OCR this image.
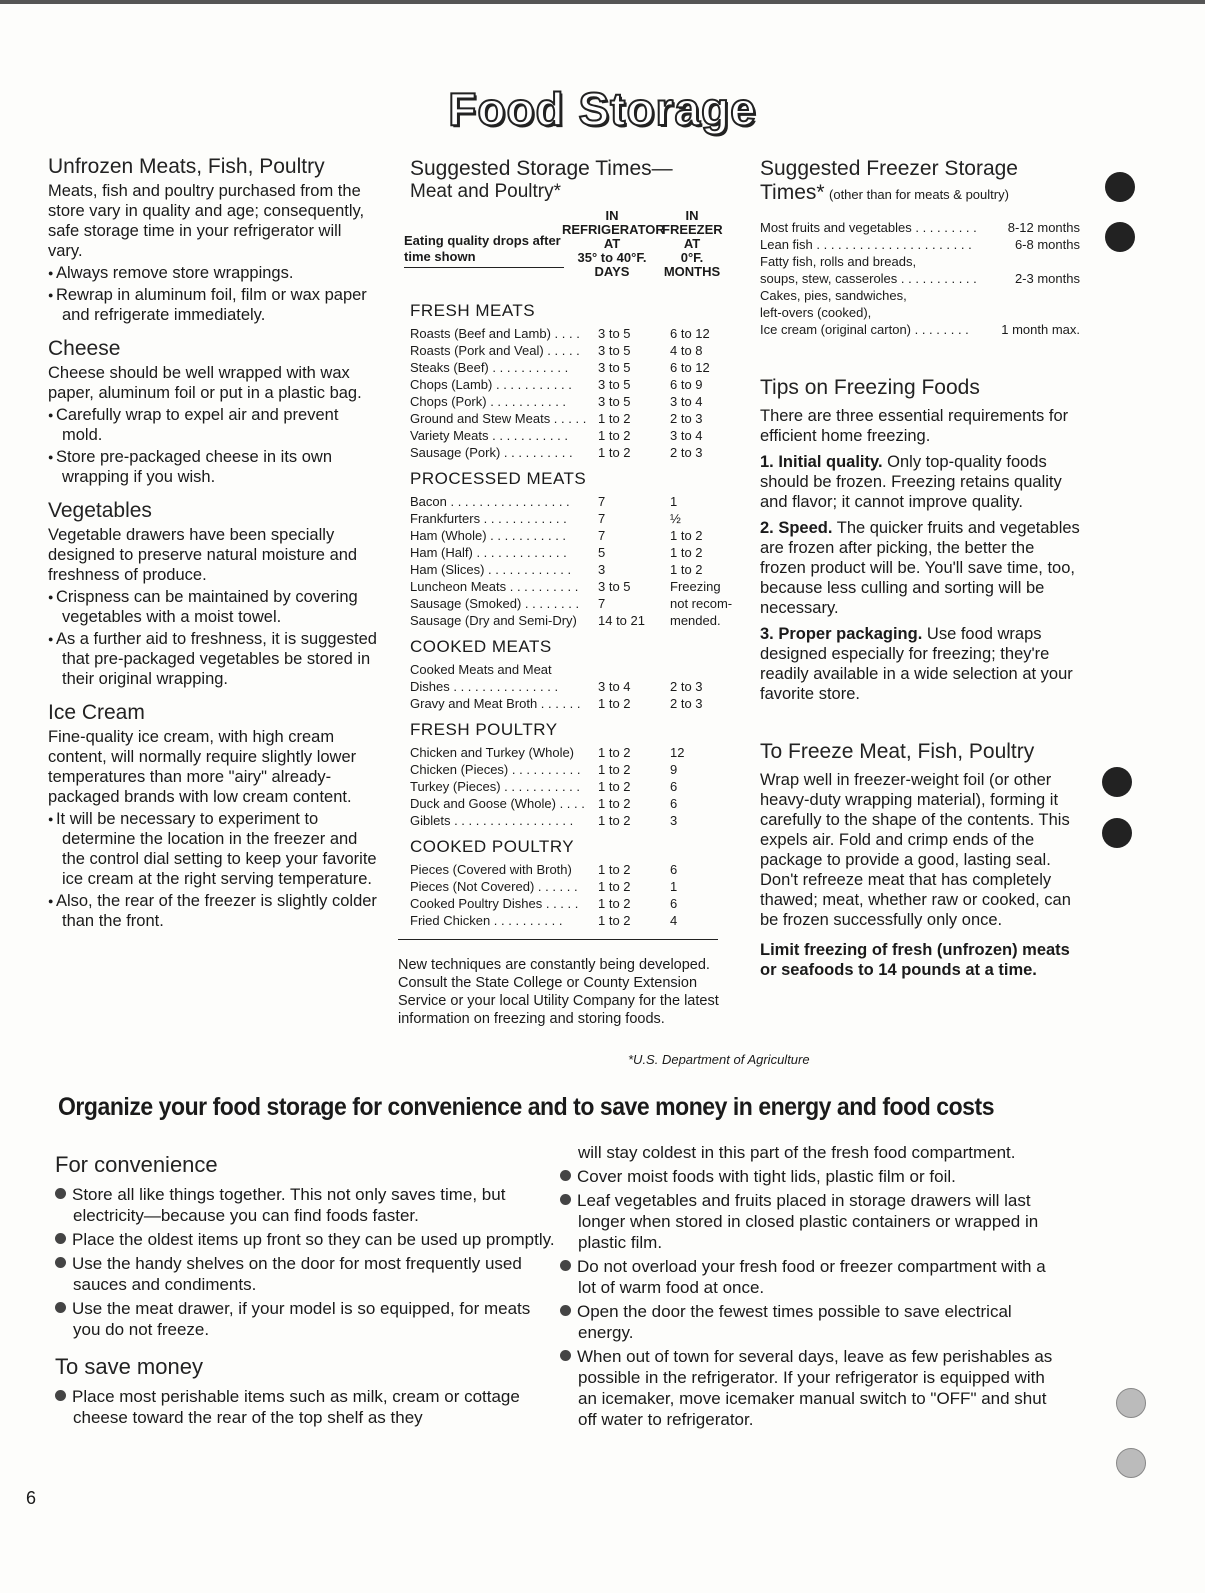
Food Storage
Unfrozen Meats, Fish, Poultry

Meats, fish and poultry purchased from the store vary in quality and age; consequently, safe storage time in your refrigerator will vary.

● Always remove store wrappings.
● Rewrap in aluminum foil, film or wax paper and refrigerate immediately.
Cheese

Cheese should be well wrapped with wax paper, aluminum foil or put in a plastic bag.

● Carefully wrap to expel air and prevent mold.
● Store pre-packaged cheese in its own wrapping if you wish.
Vegetables

Vegetable drawers have been specially designed to preserve natural moisture and freshness of produce.

● Crispness can be maintained by covering vegetables with a moist towel.
● As a further aid to freshness, it is suggested that pre-packaged vegetables be stored in their original wrapping.
Ice Cream

Fine-quality ice cream, with high cream content, will normally require slightly lower temperatures than more "airy" already-packaged brands with low cream content.

● It will be necessary to experiment to determine the location in the freezer and the control dial setting to keep your favorite ice cream at the right serving temperature.
● Also, the rear of the freezer is slightly colder than the front.
Suggested Storage Times—
Meat and Poultry*
Eating quality drops after time shown
IN
REFRIGERATOR
AT
35° to 40°F.
DAYS
IN
FREEZER
AT
0°F.
MONTHS
FRESH MEATS
Roasts (Beef and Lamb) . . . .	3 to 5	6 to 12
Roasts (Pork and Veal) . . . . .	3 to 5	4 to 8
Steaks (Beef) . . . . . . . . . . .	3 to 5	6 to 12
Chops (Lamb) . . . . . . . . . . .	3 to 5	6 to 9
Chops (Pork) . . . . . . . . . . .	3 to 5	3 to 4
Ground and Stew Meats . . . . . 1 to 2	2 to 3
Variety Meats . . . . . . . . . . .	1 to 2	3 to 4
Sausage (Pork) . . . . . . . . . .	1 to 2	2 to 3
PROCESSED MEATS
Bacon . . . . . . . . . . . . . . . . .	7	1
Frankfurters . . . . . . . . . . . .	7	½
Ham (Whole) . . . . . . . . . . .	7	1 to 2
Ham (Half) . . . . . . . . . . . . .	5	1 to 2
Ham (Slices) . . . . . . . . . . . .	3	1 to 2
Luncheon Meats . . . . . . . . . .	3 to 5	Freezing
Sausage (Smoked) . . . . . . . .	7	not recom-
Sausage (Dry and Semi-Dry)	14 to 21	mended.
COOKED MEATS
Cooked Meats and Meat
Dishes . . . . . . . . . . . . . . .	3 to 4	2 to 3
Gravy and Meat Broth . . . . . .	1 to 2	2 to 3
FRESH POULTRY
Chicken and Turkey (Whole)	1 to 2	12
Chicken (Pieces) . . . . . . . . . .	1 to 2	9
Turkey (Pieces) . . . . . . . . . . .	1 to 2	6
Duck and Goose (Whole) . . . .	1 to 2	6
Giblets . . . . . . . . . . . . . . . . .	1 to 2	3
COOKED POULTRY
Pieces (Covered with Broth)	1 to 2	6
Pieces (Not Covered) . . . . . .	1 to 2	1
Cooked Poultry Dishes . . . . .	1 to 2	6
Fried Chicken . . . . . . . . . .	1 to 2	4
New techniques are constantly being developed. Consult the State College or County Extension Service or your local Utility Company for the latest information on freezing and storing foods.
*U.S. Department of Agriculture
Suggested Freezer Storage
Times* (other than for meats & poultry)
Most fruits and vegetables . . . . . . . . . 8-12 months
Lean fish . . . . . . . . . . . . . . . . . . . . . .	6-8 months
Fatty fish, rolls and breads,
soups, stew, casseroles . . . . . . . . . . .	2-3 months
Cakes, pies, sandwiches,
left-overs (cooked),
Ice cream (original carton) . . . . . . . . 1 month max.
Tips on Freezing Foods

There are three essential requirements for efficient home freezing.

1. Initial quality. Only top-quality foods should be frozen. Freezing retains quality and flavor; it cannot improve quality.

2. Speed. The quicker fruits and vegetables are frozen after picking, the better the frozen product will be. You'll save time, too, because less culling and sorting will be necessary.

3. Proper packaging. Use food wraps designed especially for freezing; they're readily available in a wide selection at your favorite store.

To Freeze Meat, Fish, Poultry

Wrap well in freezer-weight foil (or other heavy-duty wrapping material), forming it carefully to the shape of the contents. This expels air. Fold and crimp ends of the package to provide a good, lasting seal. Don't refreeze meat that has completely thawed; meat, whether raw or cooked, can be frozen successfully only once.

Limit freezing of fresh (unfrozen) meats or seafoods to 14 pounds at a time.

Organize your food storage for convenience and to save money in energy and food costs
For convenience
Store all like things together. This not only saves time, but electricity—because you can find foods faster.
Place the oldest items up front so they can be used up promptly.
Use the handy shelves on the door for most frequently used sauces and condiments.
Use the meat drawer, if your model is so equipped, for meats you do not freeze.
To save money
Place most perishable items such as milk, cream or cottage cheese toward the rear of the top shelf as they
will stay coldest in this part of the fresh food compartment.
Cover moist foods with tight lids, plastic film or foil.
Leaf vegetables and fruits placed in storage drawers will last longer when stored in closed plastic containers or wrapped in plastic film.
Do not overload your fresh food or freezer compartment with a lot of warm food at once.
Open the door the fewest times possible to save electrical energy.
When out of town for several days, leave as few perishables as possible in the refrigerator. If your refrigerator is equipped with an icemaker, move icemaker manual switch to "OFF" and shut off water to refrigerator.
6
